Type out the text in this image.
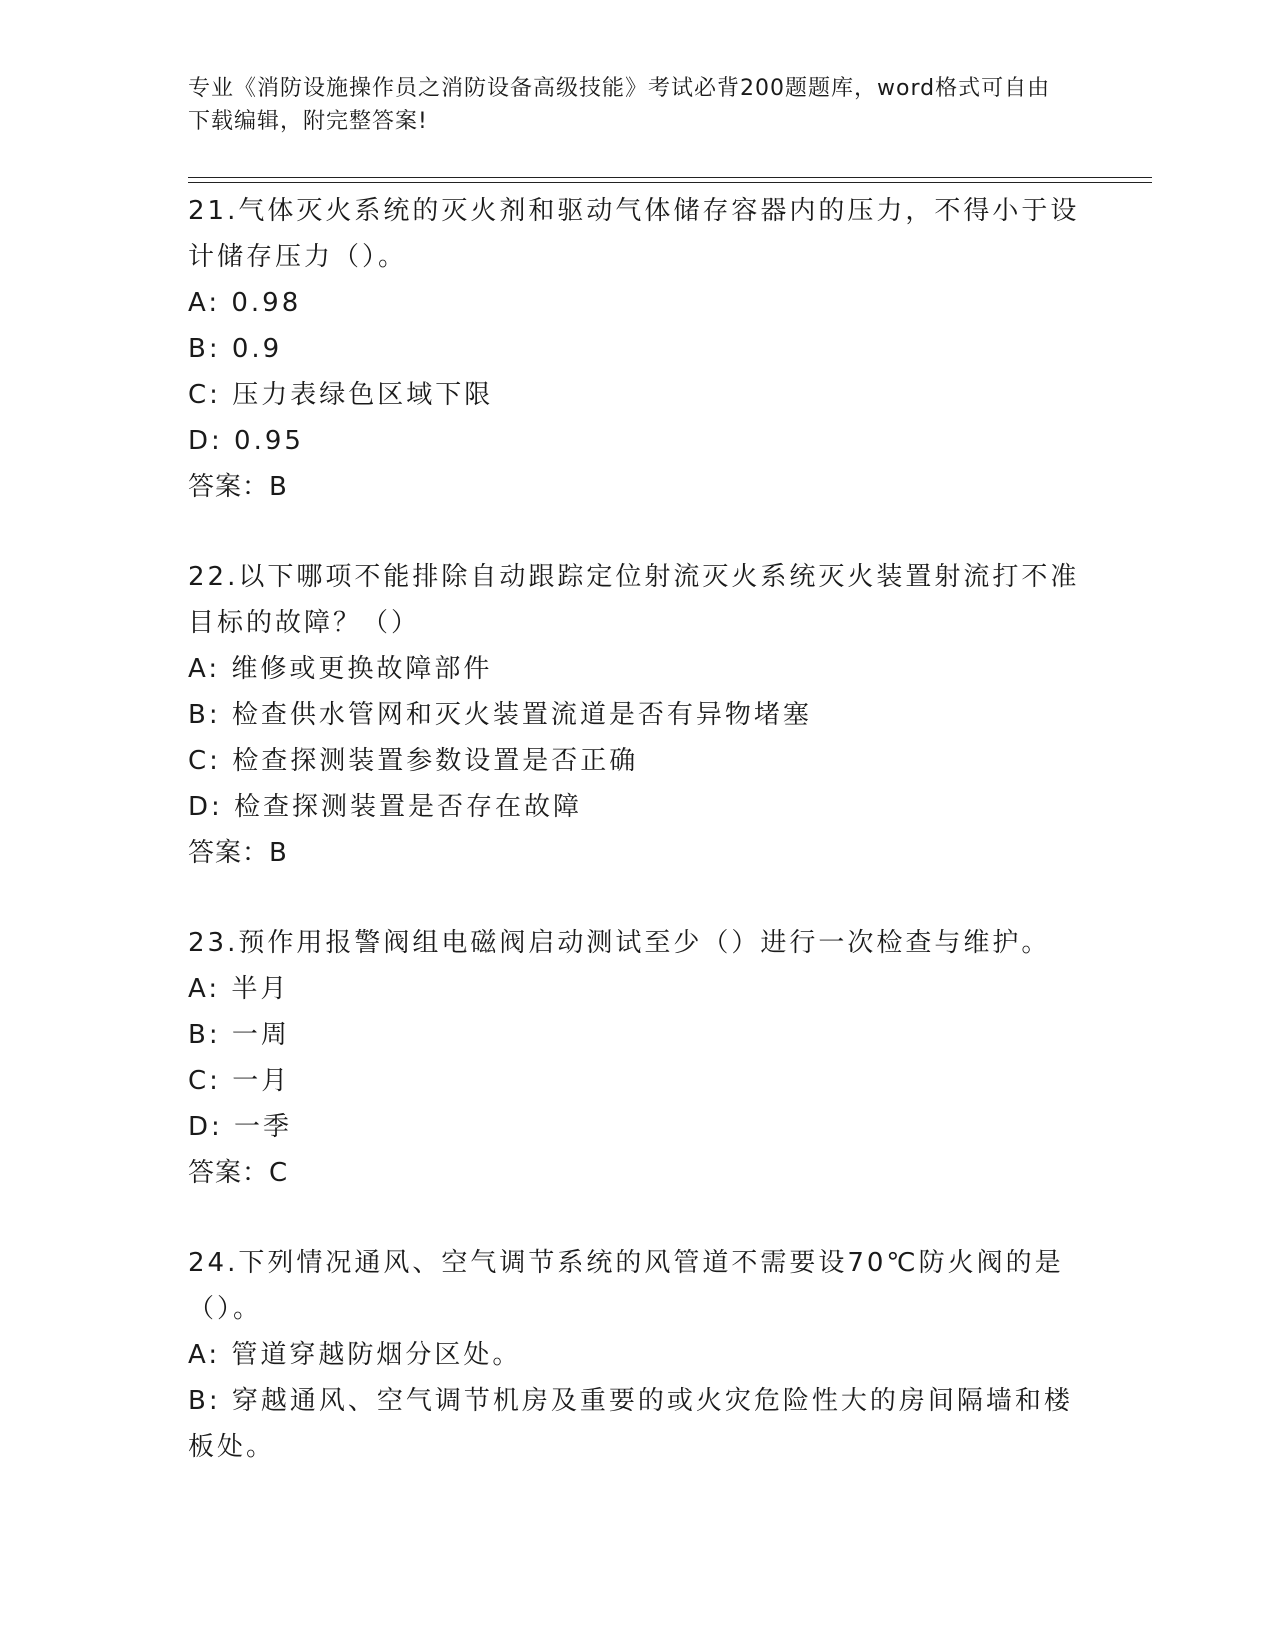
专业《消防设施操作员之消防设备高级技能》考试必背200题题库，word格式可自由下载编辑，附完整答案!

21.气体灭火系统的灭火剂和驱动气体储存容器内的压力，不得小于设计储存压力（）。

A: 0.98

B: 0.9

C: 压力表绿色区域下限

D: 0.95

答案：B

22.以下哪项不能排除自动跟踪定位射流灭火系统灭火装置射流打不准目标的故障？（）

A: 维修或更换故障部件

B: 检查供水管网和灭火装置流道是否有异物堵塞

C: 检查探测装置参数设置是否正确

D: 检查探测装置是否存在故障

答案：B

23.预作用报警阀组电磁阀启动测试至少（）进行一次检查与维护。

A: 半月

B: 一周

C: 一月

D: 一季

答案：C

24.下列情况通风、空气调节系统的风管道不需要设70℃防火阀的是（）。

A: 管道穿越防烟分区处。

B: 穿越通风、空气调节机房及重要的或火灾危险性大的房间隔墙和楼板处。
